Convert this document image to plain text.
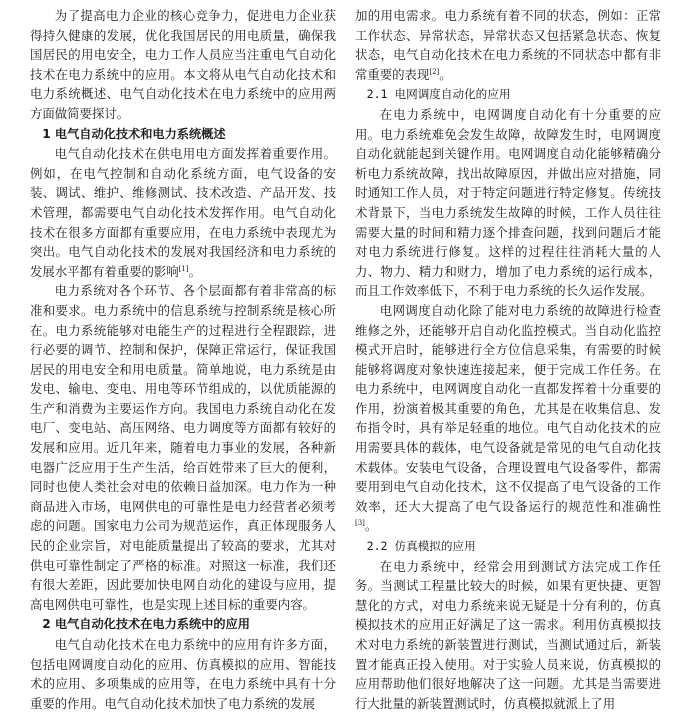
为了提高电力企业的核心竞争力，促进电力企业获得持久健康的发展，优化我国居民的用电质量，确保我国居民的用电安全，电力工作人员应当注重电气自动化技术在电力系统中的应用。本文将从电气自动化技术和电力系统概述、电气自动化技术在电力系统中的应用两方面做简要探讨。

1 电气自动化技术和电力系统概述

电气自动化技术在供电用电方面发挥着重要作用。例如，在电气控制和自动化系统方面，电气设备的安装、调试、维护、维修测试、技术改造、产品开发、技术管理，都需要电气自动化技术发挥作用。电气自动化技术在很多方面都有重要应用，在电力系统中表现尤为突出。电气自动化技术的发展对我国经济和电力系统的发展水平都有着重要的影响[1]。

电力系统对各个环节、各个层面都有着非常高的标准和要求。电力系统中的信息系统与控制系统是核心所在。电力系统能够对电能生产的过程进行全程跟踪，进行必要的调节、控制和保护，保障正常运行，保证我国居民的用电安全和用电质量。简单地说，电力系统是由发电、输电、变电、用电等环节组成的，以优质能源的生产和消费为主要运作方向。我国电力系统自动化在发电厂、变电站、高压网络、电力调度等方面都有较好的发展和应用。近几年来，随着电力事业的发展，各种新电器广泛应用于生产生活，给百姓带来了巨大的便利，同时也使人类社会对电的依赖日益加深。电力作为一种商品进入市场，电网供电的可靠性是电力经营者必须考虑的问题。国家电力公司为规范运作，真正体现服务人民的企业宗旨，对电能质量提出了较高的要求，尤其对供电可靠性制定了严格的标准。对照这一标准，我们还有很大差距，因此要加快电网自动化的建设与应用，提高电网供电可靠性，也是实现上述目标的重要内容。

2 电气自动化技术在电力系统中的应用

电气自动化技术在电力系统中的应用有许多方面，包括电网调度自动化的应用、仿真模拟的应用、智能技术的应用、多项集成的应用等，在电力系统中具有十分重要的作用。电气自动化技术加快了电力系统的发展

加的用电需求。电力系统有着不同的状态，例如：正常工作状态、异常状态，异常状态又包括紧急状态、恢复状态，电气自动化技术在电力系统的不同状态中都有非常重要的表现[2]。

2.1 电网调度自动化的应用

在电力系统中，电网调度自动化有十分重要的应用。电力系统难免会发生故障，故障发生时，电网调度自动化就能起到关键作用。电网调度自动化能够精确分析电力系统故障，找出故障原因，并做出应对措施，同时通知工作人员，对于特定问题进行特定修复。传统技术背景下，当电力系统发生故障的时候，工作人员往往需要大量的时间和精力逐个排查问题，找到问题后才能对电力系统进行修复。这样的过程往往消耗大量的人力、物力、精力和财力，增加了电力系统的运行成本，而且工作效率低下，不利于电力系统的长久运作发展。

电网调度自动化除了能对电力系统的故障进行检查维修之外，还能够开启自动化监控模式。当自动化监控模式开启时，能够进行全方位信息采集，有需要的时候能够将调度对象快速连接起来，便于完成工作任务。在电力系统中，电网调度自动化一直都发挥着十分重要的作用，扮演着极其重要的角色，尤其是在收集信息、发布指令时，具有举足轻重的地位。电气自动化技术的应用需要具体的载体，电气设备就是常见的电气自动化技术载体。安装电气设备，合理设置电气设备零件，都需要用到电气自动化技术，这不仅提高了电气设备的工作效率，还大大提高了电气设备运行的规范性和准确性[3]。

2.2 仿真模拟的应用

在电力系统中，经常会用到测试方法完成工作任务。当测试工程量比较大的时候，如果有更快捷、更智慧化的方式，对电力系统来说无疑是十分有利的，仿真模拟技术的应用正好满足了这一需求。利用仿真模拟技术对电力系统的新装置进行测试，当测试通过后，新装置才能真正投入使用。对于实验人员来说，仿真模拟的应用帮助他们很好地解决了这一问题。尤其是当需要进行大批量的新装置测试时，仿真模拟就派上了用
